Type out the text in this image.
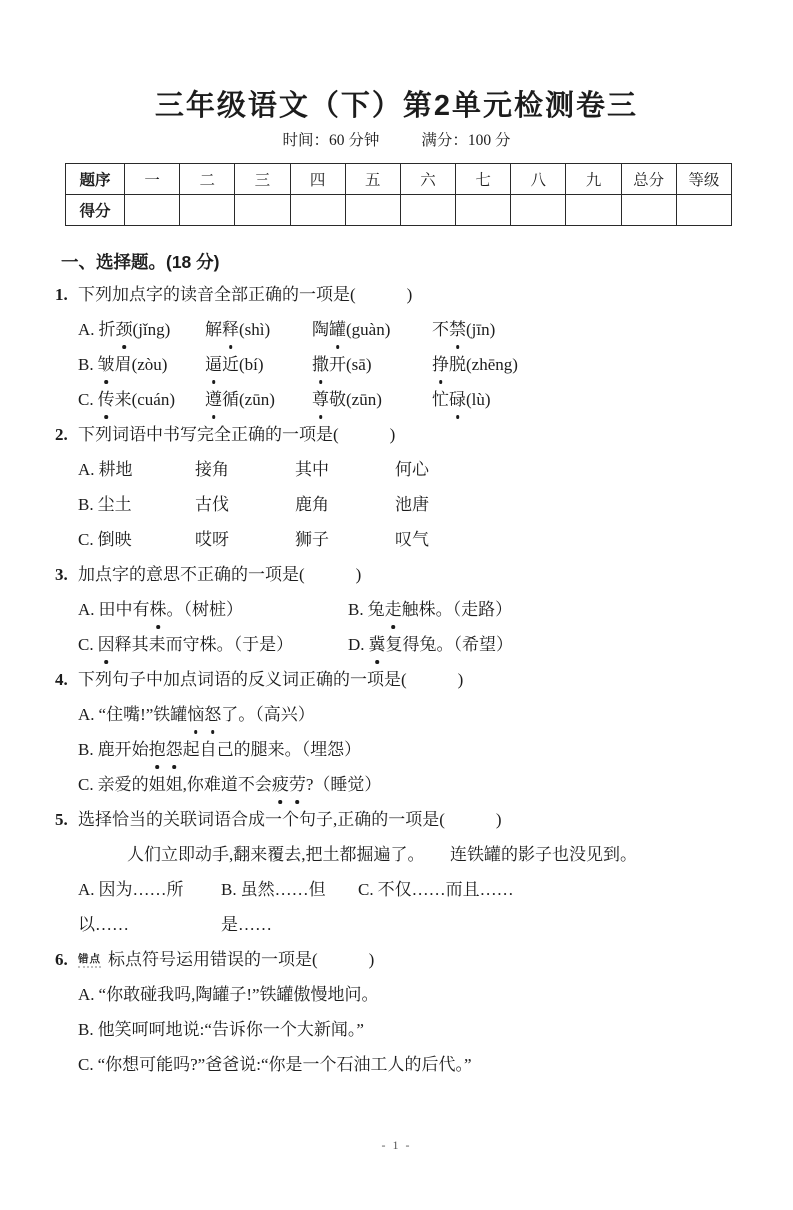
三年级语文（下）第2单元检测卷三
时间：60 分钟	满分：100 分
题序	一	二	三	四	五	六	七	八	九	总分	等级
得分											
一、选择题。(18 分)
1. 下列加点字的读音全部正确的一项是(　　　)
A. 折颈(jǐng)	解释(shì)	陶罐(guàn)	不禁(jīn)
B. 皱眉(zòu)	逼近(bí)	撒开(sā)	挣脱(zhēng)
C. 传来(cuán)	遵循(zūn)	尊敬(zūn)	忙碌(lù)
2. 下列词语中书写完全正确的一项是(　　　)
A. 耕地	接角	其中	何心
B. 尘土	古伐	鹿角	池唐
C. 倒映	哎呀	狮子	叹气
3. 加点字的意思不正确的一项是(　　　)
A. 田中有株。（树桩）	B. 兔走触株。（走路）
C. 因释其耒而守株。（于是）	D. 冀复得兔。（希望）
4. 下列句子中加点词语的反义词正确的一项是(　　　)
A. “住嘴!”铁罐恼怒了。（高兴）
B. 鹿开始抱怨起自己的腿来。（埋怨）
C. 亲爱的姐姐,你难道不会疲劳?（睡觉）
5. 选择恰当的关联词语合成一个句子,正确的一项是(　　　)
人们立即动手,翻来覆去,把土都掘遍了。　　连铁罐的影子也没见到。
A. 因为……所以……
B. 虽然……但是……
C. 不仅……而且……
6. 错点 标点符号运用错误的一项是(　　　)
A. “你敢碰我吗,陶罐子!”铁罐傲慢地问。
B. 他笑呵呵地说:“告诉你一个大新闻。”
C. “你想可能吗?”爸爸说:“你是一个石油工人的后代。”
- 1 -
